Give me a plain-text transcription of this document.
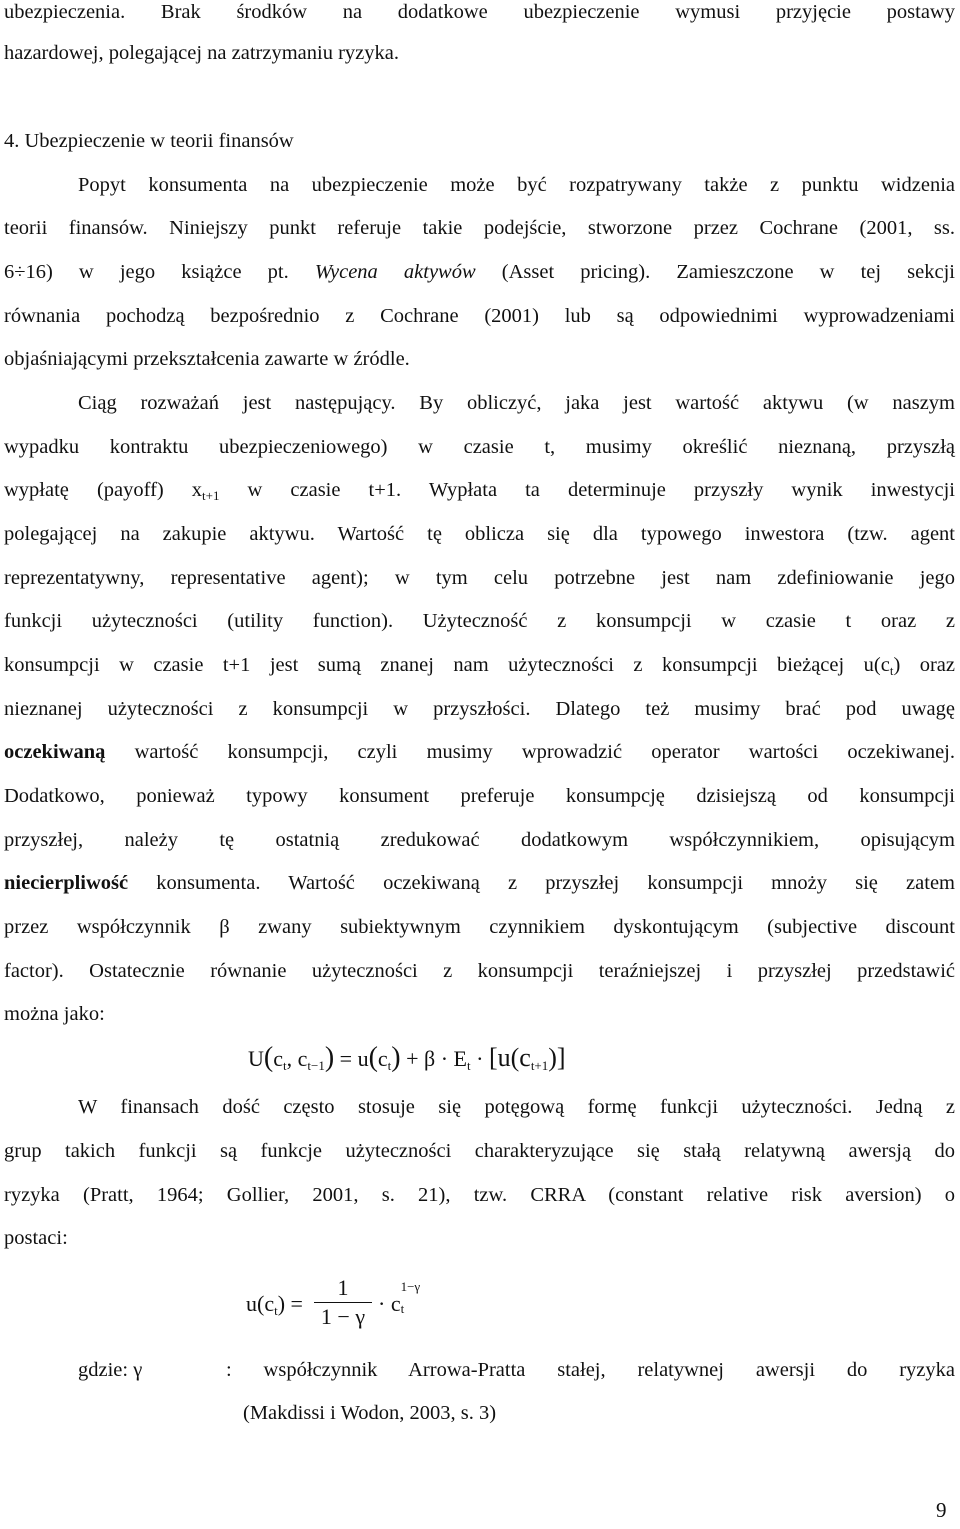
ubezpieczenia. Brak środków na dodatkowe ubezpieczenie wymusi przyjęcie postawy
hazardowej, polegającej na zatrzymaniu ryzyka.
4. Ubezpieczenie w teorii finansów
Popyt konsumenta na ubezpieczenie może być rozpatrywany także z punktu widzenia
teorii finansów. Niniejszy punkt referuje takie podejście, stworzone przez Cochrane (2001, ss.
6÷16) w jego książce pt. Wycena aktywów (Asset pricing). Zamieszczone w tej sekcji
równania pochodzą bezpośrednio z Cochrane (2001) lub są odpowiednimi wyprowadzeniami
objaśniającymi przekształcenia zawarte w źródle.
Ciąg rozważań jest następujący. By obliczyć, jaka jest wartość aktywu (w naszym
wypadku kontraktu ubezpieczeniowego) w czasie t, musimy określić nieznaną, przyszłą
wypłatę (payoff) $x_{t+1}$ w czasie t+1. Wypłata ta determinuje przyszły wynik inwestycji
polegającej na zakupie aktywu. Wartość tę oblicza się dla typowego inwestora (tzw. agent
reprezentatywny, representative agent); w tym celu potrzebne jest nam zdefiniowanie jego
funkcji użyteczności (utility function). Użyteczność z konsumpcji w czasie t oraz z
konsumpcji w czasie t+1 jest sumą znanej nam użyteczności z konsumpcji bieżącej $u(c_t)$ oraz
nieznanej użyteczności z konsumpcji w przyszłości. Dlatego też musimy brać pod uwagę
oczekiwaną wartość konsumpcji, czyli musimy wprowadzić operator wartości oczekiwanej.
Dodatkowo, ponieważ typowy konsument preferuje konsumpcję dzisiejszą od konsumpcji
przyszłej, należy tę ostatnią zredukować dodatkowym współczynnikiem, opisującym
niecierpliwość konsumenta. Wartość oczekiwaną z przyszłej konsumpcji mnoży się zatem
przez współczynnik β zwany subiektywnym czynnikiem dyskontującym (subjective discount
factor). Ostatecznie równanie użyteczności z konsumpcji teraźniejszej i przyszłej przedstawić
można jako:
$U(c_t$, $c_{t-1}) = u(c_t) + \beta \cdot E_t \cdot [u(c_{t+1})]$
W finansach dość często stosuje się potęgową formę funkcji użyteczności. Jedną z
grup takich funkcji są funkcje użyteczności charakteryzujące się stałą relatywną awersją do
ryzyka (Pratt, 1964; Gollier, 2001, s. 21), tzw. CRRA (constant relative risk aversion) o
postaci:
$u(c_t)$ =
1
1 − γ
· c
1−γ
t
gdzie: γ	: współczynnik Arrowa-Pratta stałej, relatywnej awersji do ryzyka
(Makdissi i Wodon, 2003, s. 3)
9
